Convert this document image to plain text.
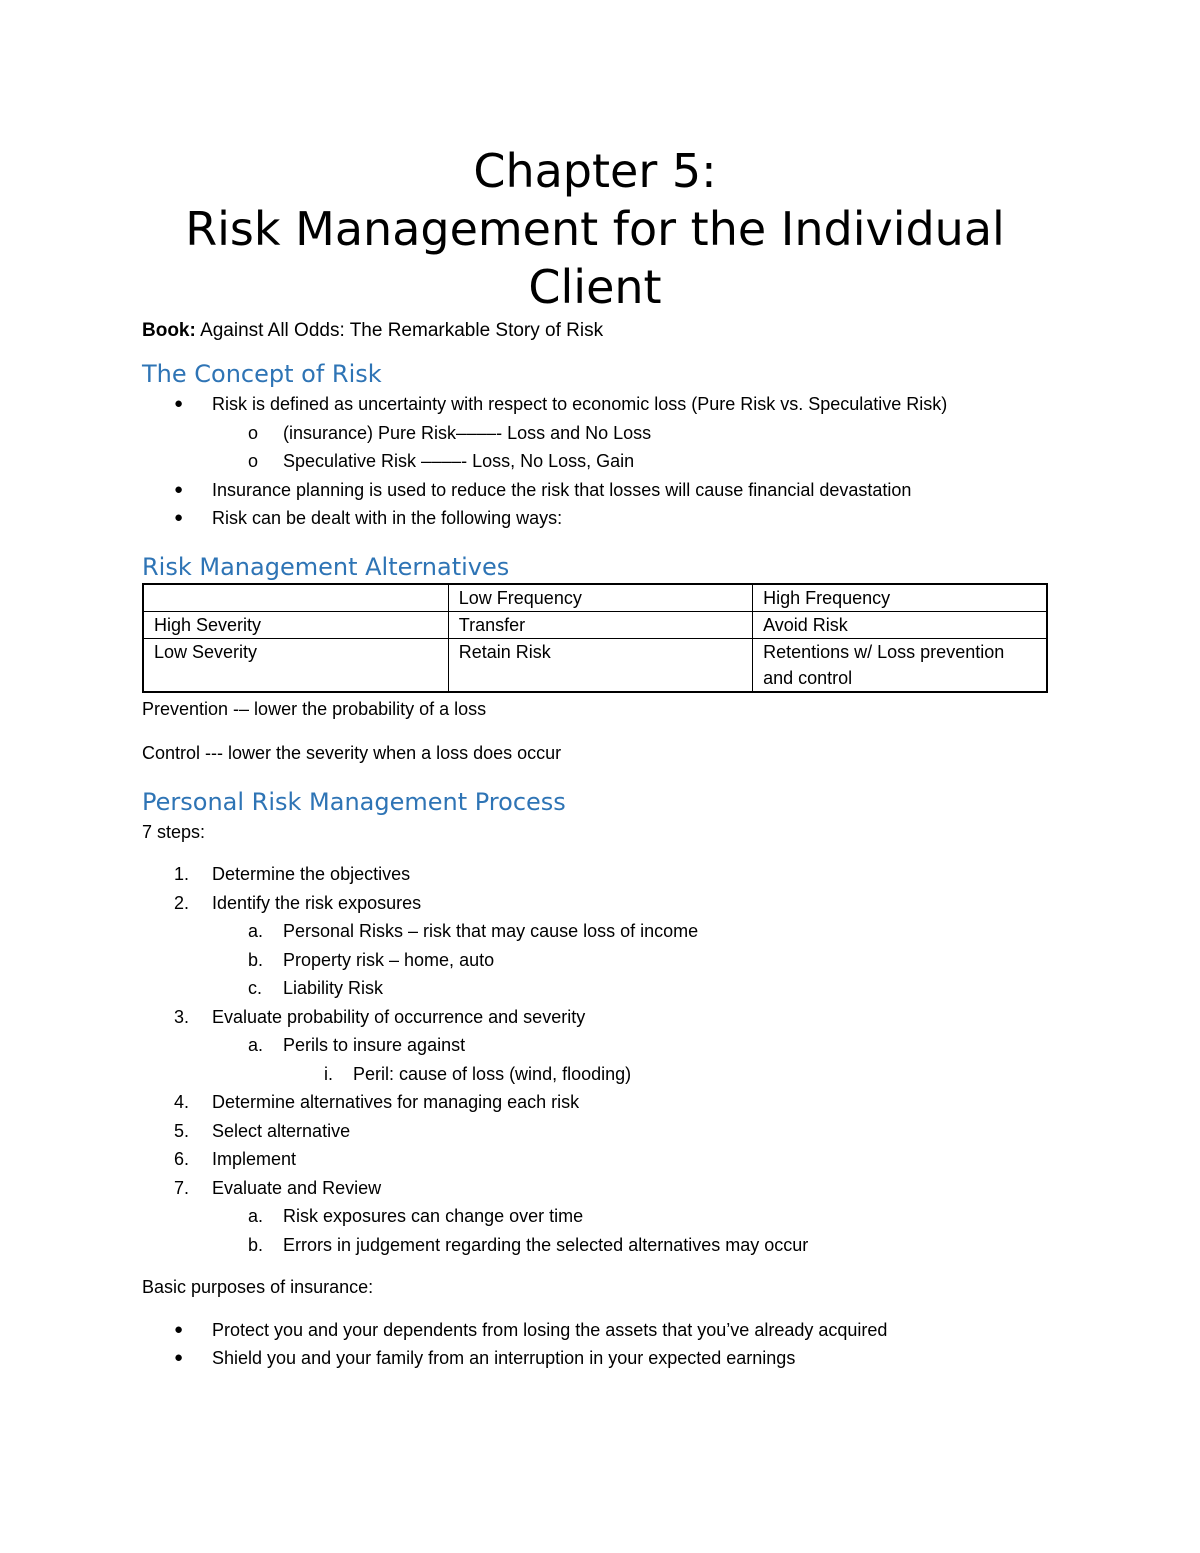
Chapter 5:
Risk Management for the Individual
Client
Book: Against All Odds: The Remarkable Story of Risk
The Concept of Risk
● Risk is defined as uncertainty with respect to economic loss (Pure Risk vs. Speculative Risk)
o (insurance) Pure Risk––––- Loss and No Loss
o Speculative Risk ––––- Loss, No Loss, Gain
● Insurance planning is used to reduce the risk that losses will cause financial devastation
● Risk can be dealt with in the following ways:
Risk Management Alternatives
	Low Frequency	High Frequency
High Severity	Transfer	Avoid Risk
Low Severity	Retain Risk	Retentions w/ Loss prevention and control
Prevention -– lower the probability of a loss
Control --- lower the severity when a loss does occur
Personal Risk Management Process
7 steps:
1. Determine the objectives
2. Identify the risk exposures
a. Personal Risks – risk that may cause loss of income
b. Property risk – home, auto
c. Liability Risk
3. Evaluate probability of occurrence and severity
a. Perils to insure against
i. Peril: cause of loss (wind, flooding)
4. Determine alternatives for managing each risk
5. Select alternative
6. Implement
7. Evaluate and Review
a. Risk exposures can change over time
b. Errors in judgement regarding the selected alternatives may occur
Basic purposes of insurance:
● Protect you and your dependents from losing the assets that you’ve already acquired
● Shield you and your family from an interruption in your expected earnings
